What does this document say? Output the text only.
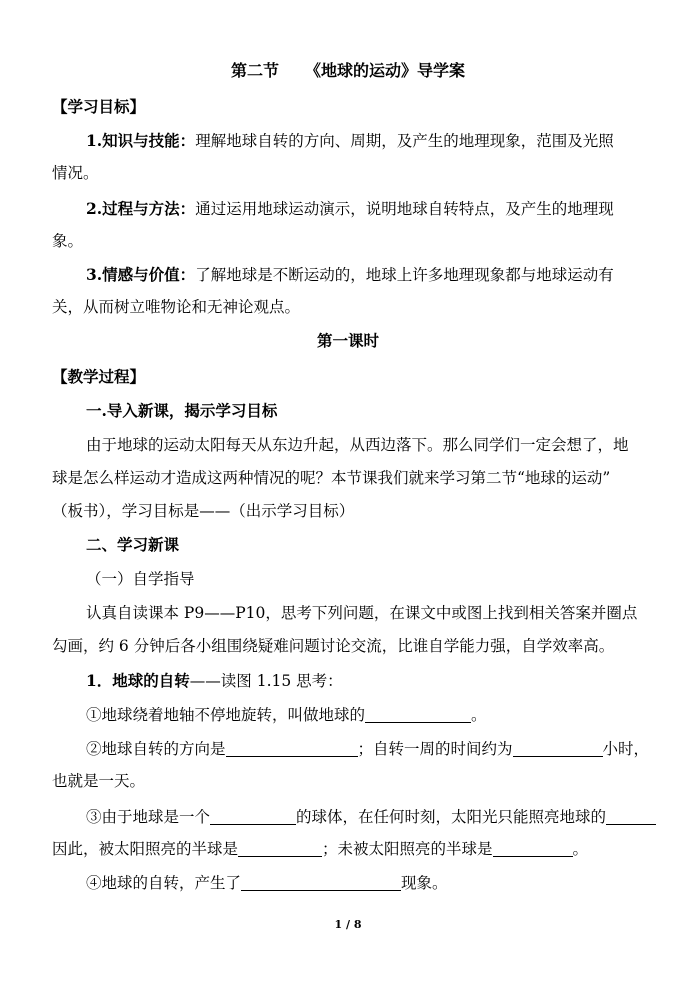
第二节 《地球的运动》导学案
【学习目标】
1.知识与技能：理解地球自转的方向、周期，及产生的地理现象，范围及光照
情况。
2.过程与方法：通过运用地球运动演示，说明地球自转特点，及产生的地理现
象。
3.情感与价值：了解地球是不断运动的，地球上许多地理现象都与地球运动有
关，从而树立唯物论和无神论观点。
第一课时
【教学过程】
一.导入新课，揭示学习目标
由于地球的运动太阳每天从东边升起，从西边落下。那么同学们一定会想了，地
球是怎么样运动才造成这两种情况的呢？本节课我们就来学习第二节“地球的运动”
（板书），学习目标是——（出示学习目标）
二、学习新课
（一）自学指导
认真自读课本 P9——P10，思考下列问题，在课文中或图上找到相关答案并圈点
勾画，约 6 分钟后各小组围绕疑难问题讨论交流，比谁自学能力强，自学效率高。
1．地球的自转——读图 1.15 思考：
①地球绕着地轴不停地旋转，叫做地球的	。
②地球自转的方向是	；自转一周的时间约为	小时，
也就是一天。
③由于地球是一个	的球体，在任何时刻，太阳光只能照亮地球的
因此，被太阳照亮的半球是	；未被太阳照亮的半球是	。
④地球的自转，产生了	现象。
1 / 8
